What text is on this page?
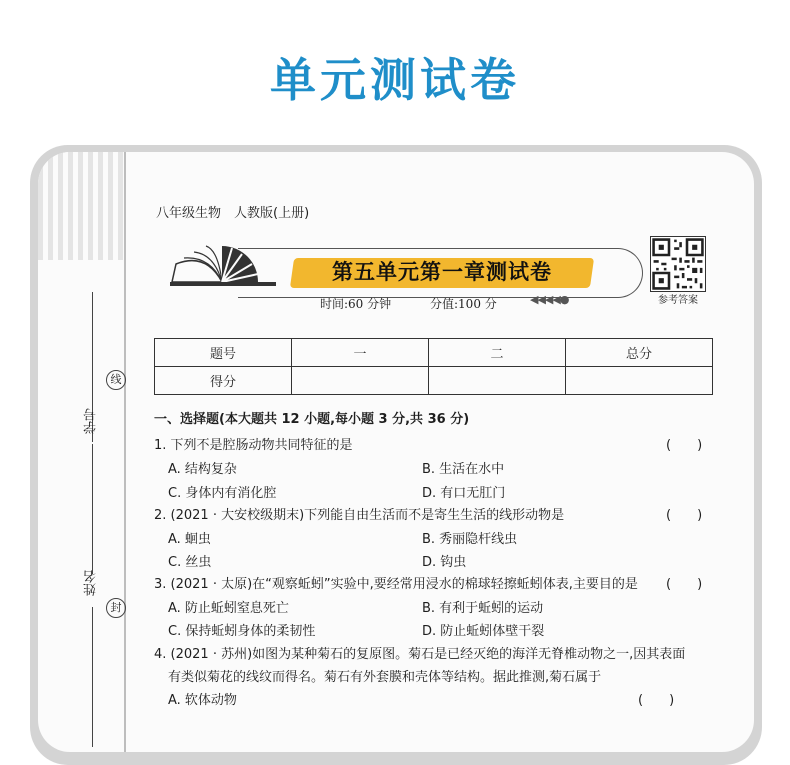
单元测试卷
学号
姓名
线
封
八年级生物　人教版(上册)
第五单元第一章测试卷
时间:60 分钟	分值:100 分	◀◀◀◀●	参考答案
题号	一	二	总分
得分			
一、选择题(本大题共 12 小题,每小题 3 分,共 36 分)
1. 下列不是腔肠动物共同特征的是	(　　)
A. 结构复杂	B. 生活在水中
C. 身体内有消化腔	D. 有口无肛门
2. (2021 · 大安校级期末)下列能自由生活而不是寄生生活的线形动物是	(　　)
A. 蛔虫	B. 秀丽隐杆线虫
C. 丝虫	D. 钩虫
3. (2021 · 太原)在“观察蚯蚓”实验中,要经常用浸水的棉球轻擦蚯蚓体表,主要目的是 (　　)
A. 防止蚯蚓窒息死亡	B. 有利于蚯蚓的运动
C. 保持蚯蚓身体的柔韧性	D. 防止蚯蚓体壁干裂
4. (2021 · 苏州)如图为某种菊石的复原图。菊石是已经灭绝的海洋无脊椎动物之一,因其表面
有类似菊花的线纹而得名。菊石有外套膜和壳体等结构。据此推测,菊石属于
A. 软体动物	(　　)
